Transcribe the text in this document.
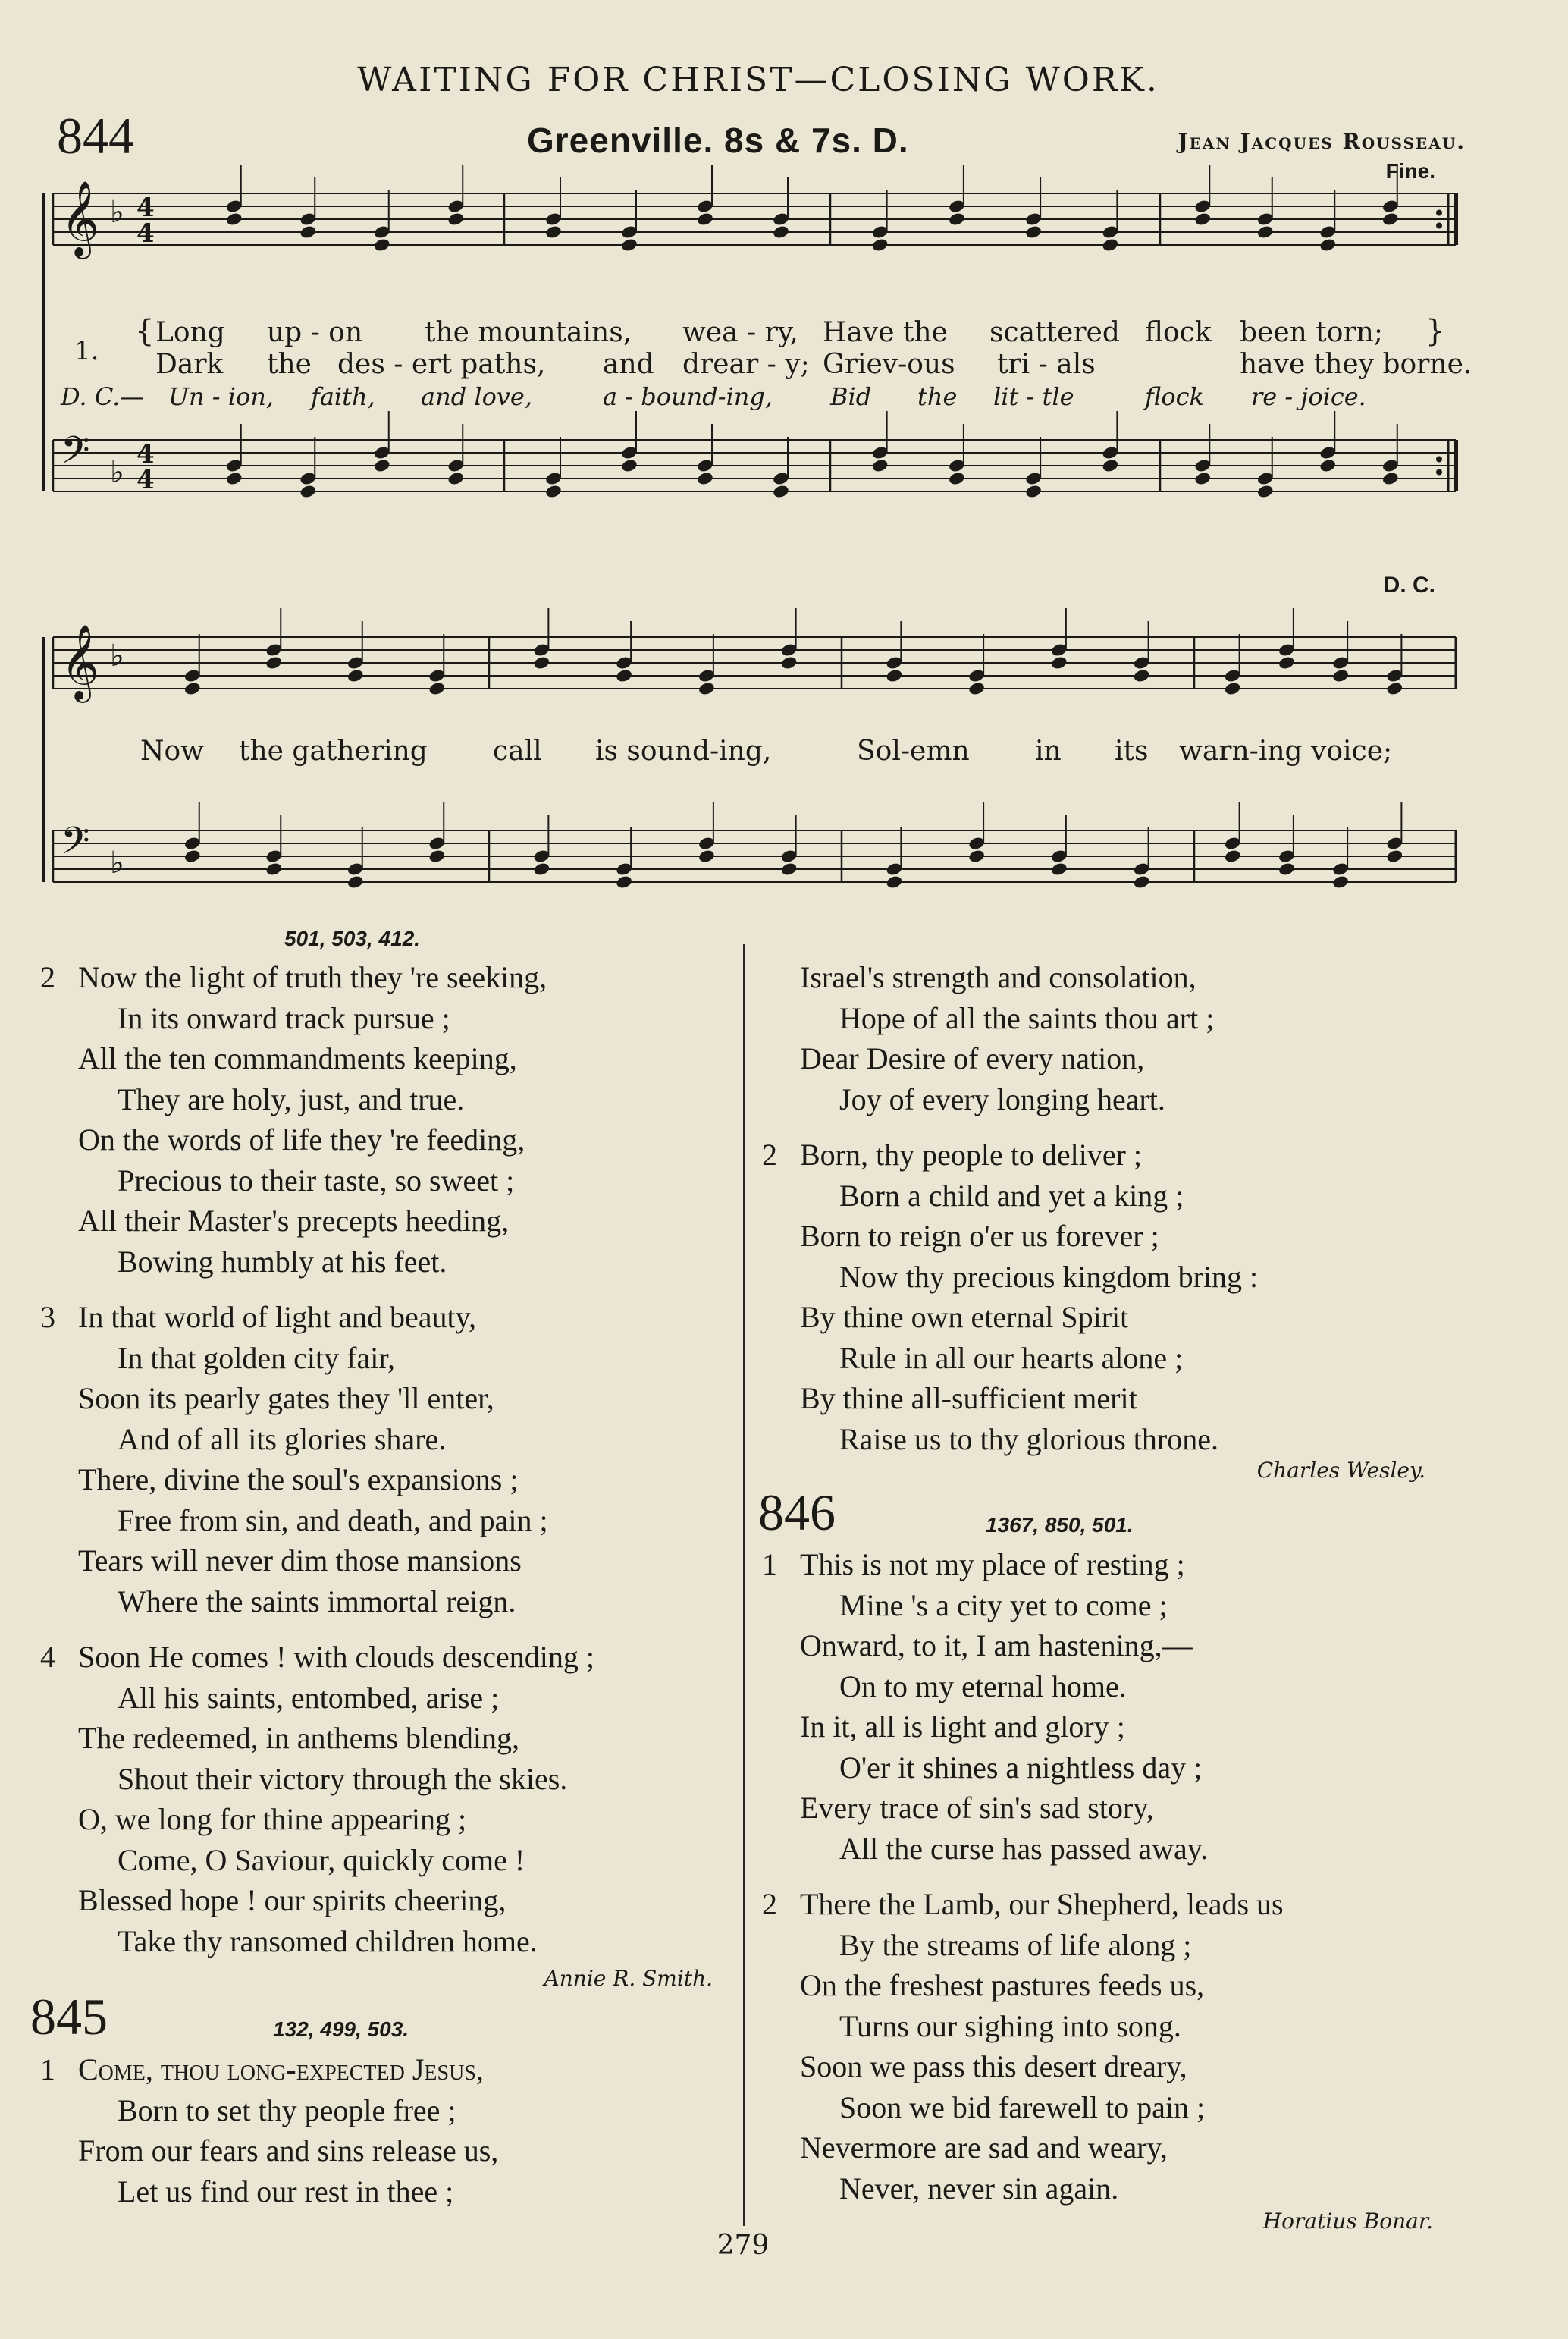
WAITING FOR CHRIST—CLOSING WORK.
844	Greenville. 8s & 7s. D.	Jean Jacques Rousseau.
Fine.
D. C.
𝄞 ♭ 4
4
𝄢 ♭
4
4
𝄞 ♭
𝄢 ♭
1.
{	}
Long up - on the mountains, wea - ry, Have the scattered flock been torn;
Dark the des - ert paths, and drear - y; Griev-ous tri - als	have they borne.
D. C.— Un - ion, faith, and love,	a - bound-ing, Bid the lit - tle	flock re - joice.
Now the gathering call is sound-ing,	Sol-emn in its warn-ing voice;
501, 503, 412.
2 Now the light of truth they 're seeking,
In its onward track pursue ;
All the ten commandments keeping,
They are holy, just, and true.
On the words of life they 're feeding,
Precious to their taste, so sweet ;
All their Master's precepts heeding,
Bowing humbly at his feet.
3 In that world of light and beauty,
In that golden city fair,
Soon its pearly gates they 'll enter,
And of all its glories share.
There, divine the soul's expansions ;
Free from sin, and death, and pain ;
Tears will never dim those mansions
Where the saints immortal reign.
4 Soon He comes ! with clouds descending ;
All his saints, entombed, arise ;
The redeemed, in anthems blending,
Shout their victory through the skies.
O, we long for thine appearing ;
Come, O Saviour, quickly come !
Blessed hope ! our spirits cheering,
Take thy ransomed children home.
Annie R. Smith.
845	132, 499, 503.
1 Come, thou long-expected Jesus,
Born to set thy people free ;
From our fears and sins release us,
Let us find our rest in thee ;
Israel's strength and consolation,
Hope of all the saints thou art ;
Dear Desire of every nation,
Joy of every longing heart.
2 Born, thy people to deliver ;
Born a child and yet a king ;
Born to reign o'er us forever ;
Now thy precious kingdom bring :
By thine own eternal Spirit
Rule in all our hearts alone ;
By thine all-sufficient merit
Raise us to thy glorious throne.
Charles Wesley.
846	1367, 850, 501.
1 This is not my place of resting ;
Mine 's a city yet to come ;
Onward, to it, I am hastening,—
On to my eternal home.
In it, all is light and glory ;
O'er it shines a nightless day ;
Every trace of sin's sad story,
All the curse has passed away.
2 There the Lamb, our Shepherd, leads us
By the streams of life along ;
On the freshest pastures feeds us,
Turns our sighing into song.
Soon we pass this desert dreary,
Soon we bid farewell to pain ;
Nevermore are sad and weary,
Never, never sin again.
Horatius Bonar.
279
